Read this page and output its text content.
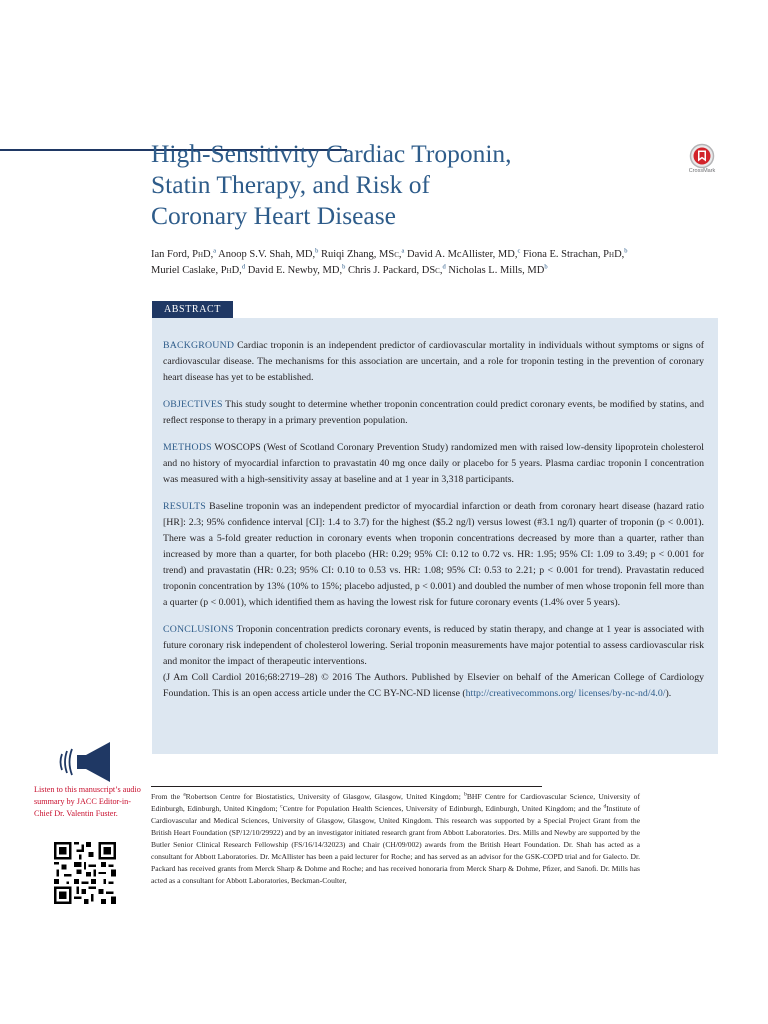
High-Sensitivity Cardiac Troponin,
Statin Therapy, and Risk of
Coronary Heart Disease
CrossMark

Ian Ford, PhD,$^a$ Anoop S.V. Shah, MD,$^b$ Ruiqi Zhang, MSc,$^a$ David A. McAllister, MD,$^c$ Fiona E. Strachan, PhD,$^b$ Muriel Caslake, PhD,$^d$ David E. Newby, MD,$^b$ Chris J. Packard, DSc,$^d$ Nicholas L. Mills, $MD^b$

ABSTRACT

BACKGROUND Cardiac troponin is an independent predictor of cardiovascular mortality in individuals without symptoms or signs of cardiovascular disease. The mechanisms for this association are uncertain, and a role for troponin testing in the prevention of coronary heart disease has yet to be established.

OBJECTIVES This study sought to determine whether troponin concentration could predict coronary events, be modiﬁed by statins, and reﬂect response to therapy in a primary prevention population.

METHODS WOSCOPS (West of Scotland Coronary Prevention Study) randomized men with raised low-density lipoprotein cholesterol and no history of myocardial infarction to pravastatin 40 mg once daily or placebo for 5 years. Plasma cardiac troponin I concentration was measured with a high-sensitivity assay at baseline and at 1 year in 3,318 participants.

RESULTS Baseline troponin was an independent predictor of myocardial infarction or death from coronary heart disease (hazard ratio [HR]: 2.3; 95% conﬁdence interval [CI]: 1.4 to 3.7) for the highest ($5.2 ng/l) versus lowest (#3.1 ng/l) quarter of troponin (p < 0.001). There was a 5-fold greater reduction in coronary events when troponin concentrations decreased by more than a quarter, rather than increased by more than a quarter, for both placebo (HR: 0.29; 95% CI: 0.12 to 0.72 vs. HR: 1.95; 95% CI: 1.09 to 3.49; p < 0.001 for trend) and pravastatin (HR: 0.23; 95% CI: 0.10 to 0.53 vs. HR: 1.08; 95% CI: 0.53 to 2.21; p < 0.001 for trend). Pravastatin reduced troponin concentration by 13% (10% to 15%; placebo adjusted, p < 0.001) and doubled the number of men whose troponin fell more than a quarter (p < 0.001), which identiﬁed them as having the lowest risk for future coronary events (1.4% over 5 years).

CONCLUSIONS Troponin concentration predicts coronary events, is reduced by statin therapy, and change at 1 year is associated with future coronary risk independent of cholesterol lowering. Serial troponin measurements have major potential to assess cardiovascular risk and monitor the impact of therapeutic interventions.
(J Am Coll Cardiol 2016;68:2719–28) © 2016 The Authors. Published by Elsevier on behalf of the American College of Cardiology Foundation. This is an open access article under the CC BY-NC-ND license (http://creativecommons.org/ licenses/by-nc-nd/4.0/).

Listen to this manuscript’s audio summary by JACC Editor-in-Chief Dr. Valentin Fuster.

From the $^a$Robertson Centre for Biostatistics, University of Glasgow, Glasgow, United Kingdom; $^b$BHF Centre for Cardiovascular Science, University of Edinburgh, Edinburgh, United Kingdom; $^c$Centre for Population Health Sciences, University of Edinburgh, Edinburgh, United Kingdom; and the $^d$Institute of Cardiovascular and Medical Sciences, University of Glasgow, Glasgow, United Kingdom. This research was supported by a Special Project Grant from the British Heart Foundation (SP/12/10/29922) and by an investigator initiated research grant from Abbott Laboratories. Drs. Mills and Newby are supported by the Butler Senior Clinical Research Fellowship (FS/16/14/32023) and Chair (CH/09/002) awards from the British Heart Foundation. Dr. Shah has acted as a consultant for Abbott Laboratories. Dr. McAllister has been a paid lecturer for Roche; and has served as an advisor for the GSK-COPD trial and for Galecto. Dr. Packard has received grants from Merck Sharp & Dohme and Roche; and has received honoraria from Merck Sharp & Dohme, Pﬁzer, and Sanoﬁ. Dr. Mills has acted as a consultant for Abbott Laboratories, Beckman-Coulter,
